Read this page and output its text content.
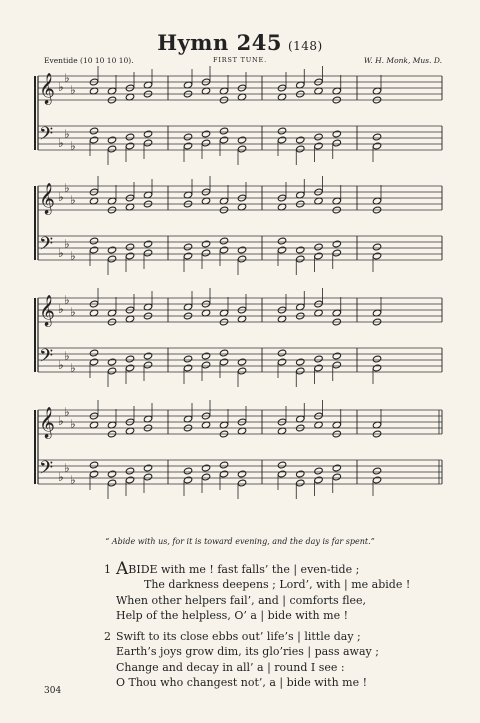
Hymn 245 (148)
Eventide (10 10 10 10).	FIRST TUNE.	W. H. Monk, Mus. D.
𝄞 ♭
♭
♭
𝄢 ♭
♭
♭
𝄞 ♭
♭
♭
𝄢 ♭
♭
♭
𝄞 ♭
♭
♭
𝄢 ♭
♭
♭
𝄞 ♭
♭
♭
𝄢 ♭
♭
♭
“ Abide with us, for it is toward evening, and the day is far spent.”
1 ABIDE with me ! fast falls’ the | even-tide ;
The darkness deepens ; Lord’, with | me abide !
When other helpers fail’, and | comforts flee,
Help of the helpless, O’ a | bide with me !
2 Swift to its close ebbs out’ life’s | little day ;
Earth’s joys grow dim, its glo’ries | pass away ;
Change and decay in all’ a | round I see :
O Thou who changest not’, a | bide with me !
304
